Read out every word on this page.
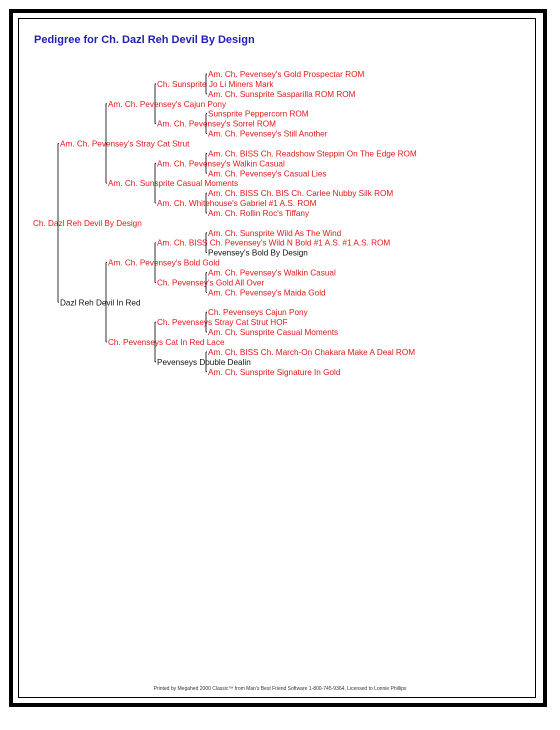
Pedigree for Ch. Dazl Reh Devil By Design
Ch. Dazl Reh Devil By Design
Am. Ch. Pevensey's Stray Cat Strut
Dazl Reh Devil In Red
Am. Ch. Pevensey's Cajun Pony
Am. Ch. Sunsprite Casual Moments
Am. Ch. Pevensey's Bold Gold
Ch. Pevenseys Cat In Red Lace
Ch. Sunsprite Jo Li Miners Mark
Am. Ch. Pevensey's Sorrel ROM
Am. Ch. Pevensey's Walkin Casual
Am. Ch. Whitehouse's Gabriel #1 A.S. ROM
Am. Ch. BISS Ch. Pevensey's Wild N Bold #1 A.S. #1 A.S. ROM
Ch. Pevensey's Gold All Over
Ch. Pevenseys Stray Cat Strut HOF
Pevenseys Double Dealin
Am. Ch. Pevensey's Gold Prospectar ROM
Am. Ch. Sunsprite Sasparilla ROM ROM
Sunsprite Peppercorn ROM
Am. Ch. Pevensey's Still Another
Am. Ch. BISS Ch. Readshow Steppin On The Edge ROM
Am. Ch. Pevensey's Casual Lies
Am. Ch. BISS Ch. BIS Ch. Carlee Nubby Silk ROM
Am. Ch. Rollin Roc's Tiffany
Am. Ch. Sunsprite Wild As The Wind
Pevensey's Bold By Design
Am. Ch. Pevensey's Walkin Casual
Am. Ch. Pevensey's Maida Gold
Ch. Pevenseys Cajun Pony
Am. Ch. Sunsprite Casual Moments
Am. Ch. BISS Ch. March-On Chakara Make A Deal ROM
Am. Ch. Sunsprite Signature In Gold
Printed by Megahed 2000 Classic™ from Man's Best Friend Software 1-800-745-9364, Licensed to Lonnie Phillips
